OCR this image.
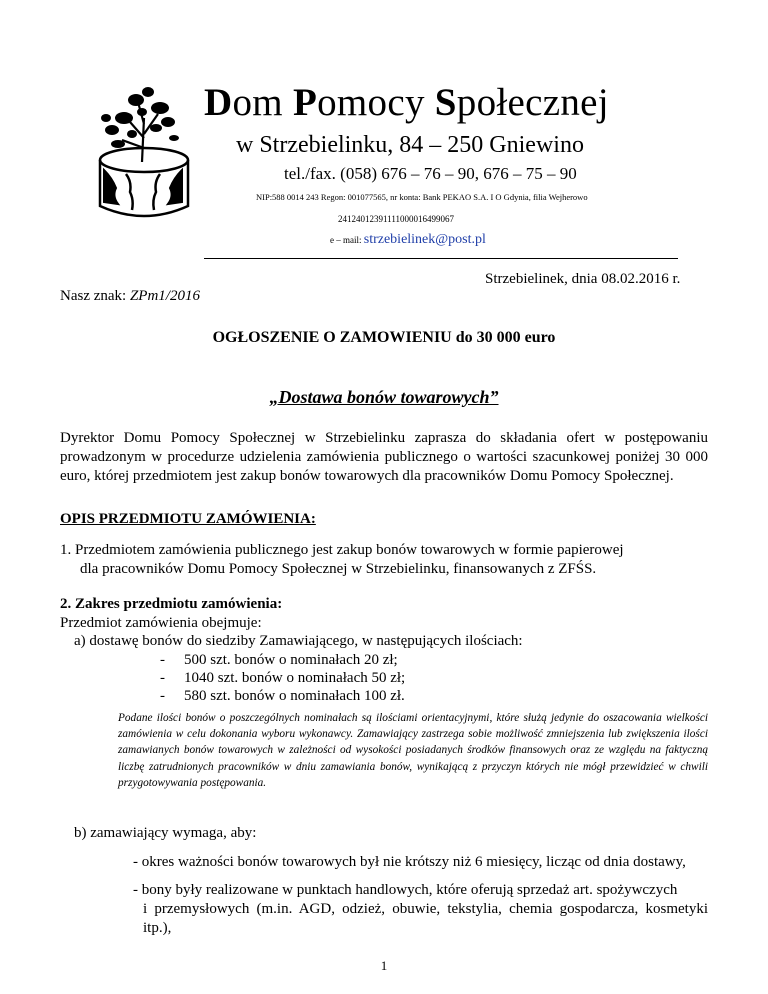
Dom Pomocy Społecznej
w Strzebielinku, 84 – 250 Gniewino
tel./fax. (058) 676 – 76 – 90, 676 – 75 – 90
NIP:588 0014 243 Regon: 001077565, nr konta: Bank PEKAO S.A. I O Gdynia, filia Wejherowo
24124012391111000016499067
e – mail: strzebielinek@post.pl
Strzebielinek, dnia 08.02.2016 r.
Nasz znak: ZPm1/2016
OGŁOSZENIE O ZAMOWIENIU do 30 000 euro
„Dostawa bonów towarowych”
Dyrektor Domu Pomocy Społecznej w Strzebielinku zaprasza do składania ofert w postępowaniu prowadzonym w procedurze udzielenia zamówienia publicznego o wartości szacunkowej poniżej 30 000 euro, której przedmiotem jest zakup bonów towarowych dla pracowników Domu Pomocy Społecznej.
OPIS PRZEDMIOTU ZAMÓWIENIA:
1. Przedmiotem zamówienia publicznego jest zakup bonów towarowych w formie papierowej
dla pracowników Domu Pomocy Społecznej w Strzebielinku, finansowanych z ZFŚS.
2. Zakres przedmiotu zamówienia:
Przedmiot zamówienia obejmuje:
a) dostawę bonów do siedziby Zamawiającego, w następujących ilościach:
- 500 szt. bonów o nominałach 20 zł;
- 1040 szt. bonów o nominałach 50 zł;
- 580 szt. bonów o nominałach 100 zł.
Podane ilości bonów o poszczególnych nominałach są ilościami orientacyjnymi, które służą jedynie do oszacowania wielkości zamówienia w celu dokonania wyboru wykonawcy. Zamawiający zastrzega sobie możliwość zmniejszenia lub zwiększenia ilości zamawianych bonów towarowych w zależności od wysokości posiadanych środków finansowych oraz ze względu na faktyczną liczbę zatrudnionych pracowników w dniu zamawiania bonów, wynikającą z przyczyn których nie mógł przewidzieć w chwili przygotowywania postępowania.
b) zamawiający wymaga, aby:
- okres ważności bonów towarowych był nie krótszy niż 6 miesięcy, licząc od dnia dostawy,
- bony były realizowane w punktach handlowych, które oferują sprzedaż art. spożywczych
i przemysłowych (m.in. AGD, odzież, obuwie, tekstylia, chemia gospodarcza, kosmetyki itp.),
1
